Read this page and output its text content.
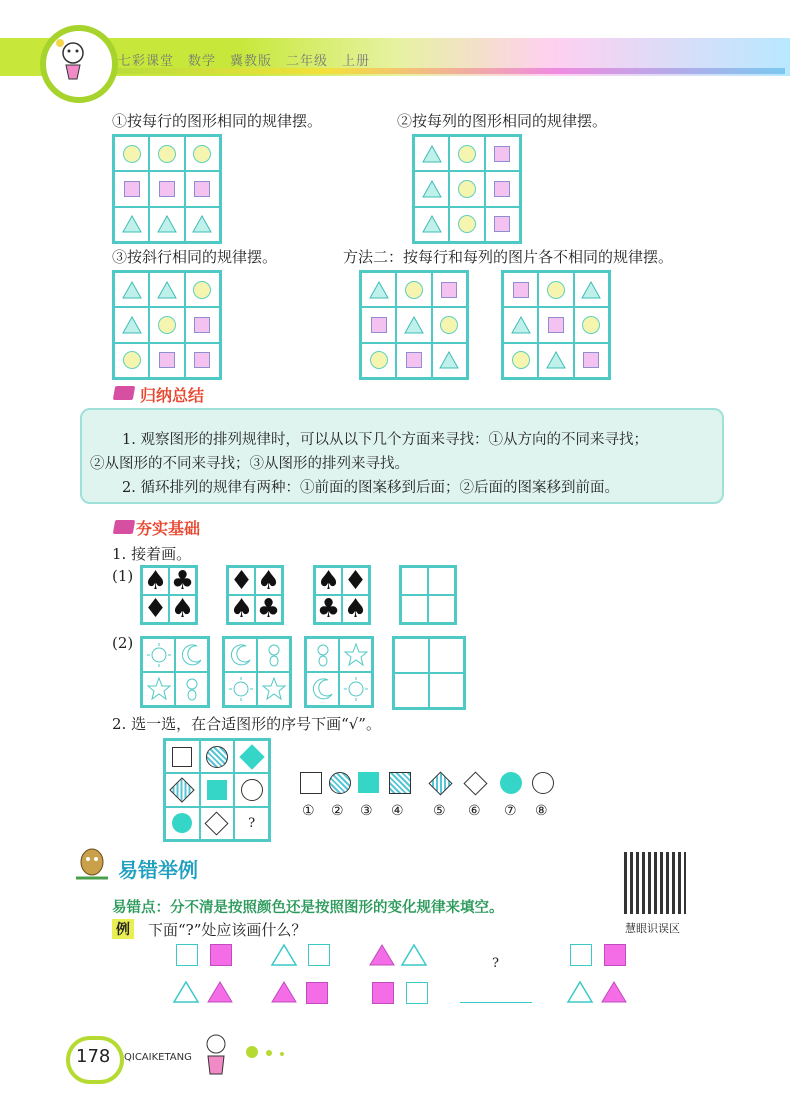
七彩课堂　数学　冀教版　二年级　上册
①按每行的图形相同的规律摆。	②按每列的图形相同的规律摆。
③按斜行相同的规律摆。	方法二：按每行和每列的图片各不相同的规律摆。
归纳总结
1. 观察图形的排列规律时，可以从以下几个方面来寻找：①从方向的不同来寻找；
②从图形的不同来寻找；③从图形的排列来寻找。
2. 循环排列的规律有两种：①前面的图案移到后面；②后面的图案移到前面。
夯实基础
1. 接着画。
(1) ♠ ♣
♦ ♠
♦ ♠
♠ ♣
♠ ♦
♣ ♠
(2)
2. 选一选，在合适图形的序号下画“√”。
?
① ② ③ ④ ⑤ ⑥ ⑦ ⑧
易错举例
慧眼识误区
易错点：分不清是按照颜色还是按照图形的变化规律来填空。
例 下面“?”处应该画什么？
?
178 QICAIKETANG
